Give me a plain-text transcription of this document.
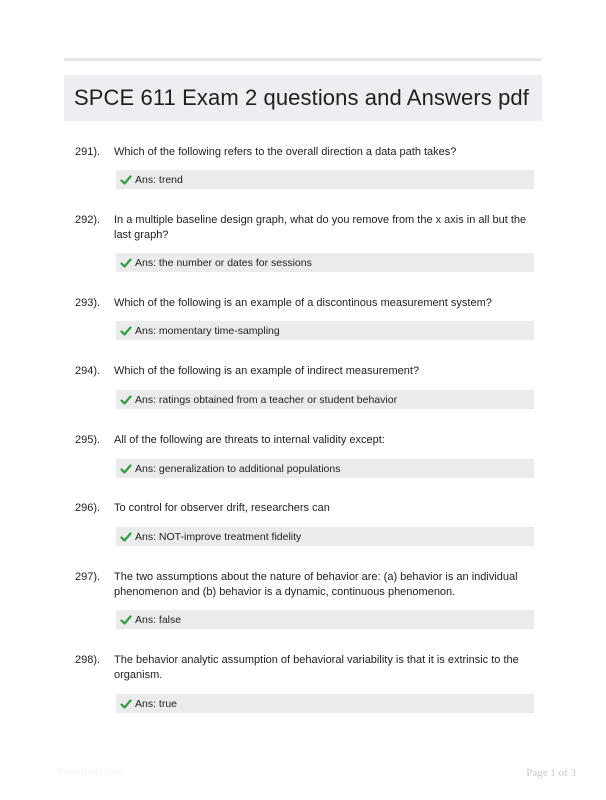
SPCE 611 Exam 2 questions and Answers pdf
291). Which of the following refers to the overall direction a data path takes?
Ans: trend
292). In a multiple baseline design graph, what do you remove from the x axis in all but the last graph?
Ans: the number or dates for sessions
293). Which of the following is an example of a discontinous measurement system?
Ans: momentary time-sampling
294). Which of the following is an example of indirect measurement?
Ans: ratings obtained from a teacher or student behavior
295). All of the following are threats to internal validity except:
Ans: generalization to additional populations
296). To control for observer drift, researchers can
Ans: NOT-improve treatment fidelity
297). The two assumptions about the nature of behavior are: (a) behavior is an individual phenomenon and (b) behavior is a dynamic, continuous phenomenon.
Ans: false
298). The behavior analytic assumption of behavioral variability is that it is extrinsic to the organism.
Ans: true
Paperhub.com	Page 1 of 3
